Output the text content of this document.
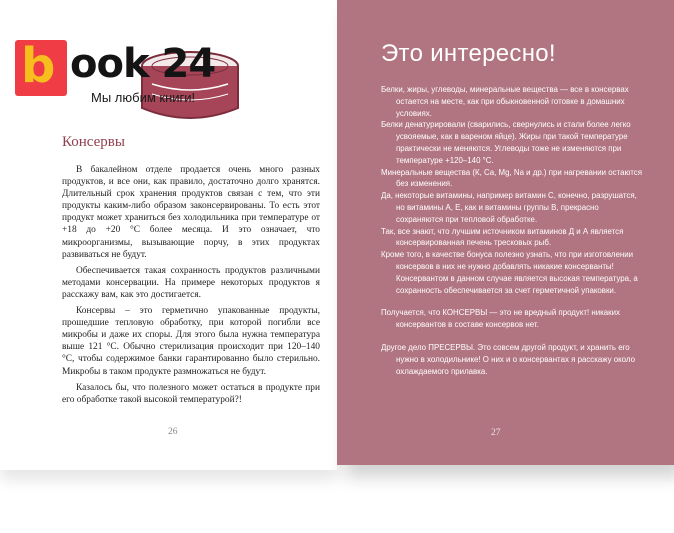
Консервы

В бакалейном отделе продается очень много разных продуктов, и все они, как правило, достаточно долго хранятся. Длительный срок хранения продуктов связан с тем, что эти продукты каким-либо образом законсервированы. То есть этот продукт может храниться без холодильника при температуре от +18 до +20 °С более месяца. И это означает, что микроорганизмы, вызывающие порчу, в этих продуктах развиваться не будут.

Обеспечивается такая сохранность продуктов различными методами консервации. На примере некоторых продуктов я расскажу вам, как это достигается.

Консервы – это герметично упакованные продукты, прошедшие тепловую обработку, при которой погибли все микробы и даже их споры. Для этого была нужна температура выше 121 °С. Обычно стерилизация происходит при 120–140 °С, чтобы содержимое банки гарантированно было стерильно. Микробы в таком продукте размножаться не будут.

Казалось бы, что полезного может остаться в продукте при его обработке такой высокой температурой?!

26
Это интересно!

Белки, жиры, углеводы, минеральные вещества — все в консервах остается на месте, как при обыкновенной готовке в домашних условиях.

Белки денатурировали (сварились, свернулись и стали более легко усвояемые, как в вареном яйце). Жиры при такой температуре практически не меняются. Углеводы тоже не изменяются при температуре +120–140 °С.

Минеральные вещества (К, Са, Mg, Na и др.) при нагревании остаются без изменения.

Да, некоторые витамины, например витамин С, конечно, разрушатся, но витамины А, Е, как и витамины группы В, прекрасно сохраняются при тепловой обработке.

Так, все знают, что лучшим источником витаминов Д и А является консервированная печень тресковых рыб.

Кроме того, в качестве бонуса полезно узнать, что при изготовлении консервов в них не нужно добавлять никакие консерванты! Консервантом в данном случае является высокая температура, а сохранность обеспечивается за счет герметичной упаковки.

Получается, что КОНСЕРВЫ — это не вредный продукт! никаких консервантов в составе консервов нет.

Другое дело ПРЕСЕРВЫ. Это совсем другой продукт, и хранить его нужно в холодильнике! О них и о консервантах я расскажу около охлаждаемого прилавка.

27
b ook 24
Мы любим книги!
